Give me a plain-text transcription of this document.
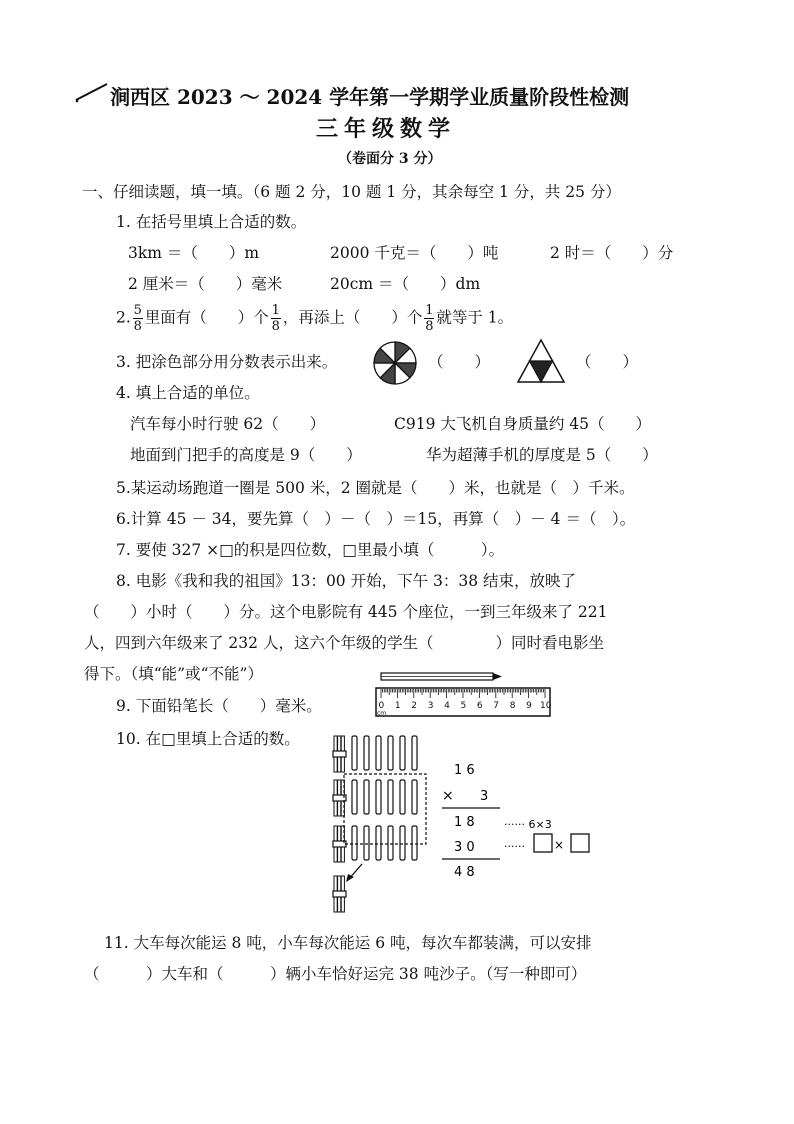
涧西区 2023 ～ 2024 学年第一学期学业质量阶段性检测
三年级数学
（卷面分 3 分）
一、仔细读题，填一填。（6 题 2 分，10 题 1 分，其余每空 1 分，共 25 分）
1. 在括号里填上合适的数。
3km ＝（　　）m	2000 千克＝（　　）吨	2 时＝（　　）分
2 厘米＝（　　）毫米	20cm ＝（　　）dm
2. $\frac{5}{8}$ 里面有（　　）个 $\frac{1}{8}$ ，再添上（　　）个 $\frac{1}{8}$ 就等于 1。
3. 把涂色部分用分数表示出来。	（　　）	（　　）
4. 填上合适的单位。
汽车每小时行驶 62（　　）	C919 大飞机自身质量约 45（　　）
地面到门把手的高度是 9（　　）	华为超薄手机的厚度是 5（　　）
5.某运动场跑道一圈是 500 米，2 圈就是（　　）米，也就是（　）千米。
6.计算 45 － 34，要先算（　）－（　）＝15，再算（　）－ 4 ＝（　）。
7. 要使 327 ×□的积是四位数，□里最小填（　　　）。
8. 电影《我和我的祖国》13：00 开始，下午 3：38 结束，放映了
（　　）小时（　　）分。这个电影院有 445 个座位，一到三年级来了 221
人，四到六年级来了 232 人，这六个年级的学生（　　　　）同时看电影坐
得下。（填“能”或“不能”）
9. 下面铅笔长（　　）毫米。	0 1 2 3 4 5 6 7 8 9 10
cm
10. 在□里填上合适的数。
1 6
× 3
1 8
3 0
4 8
······ 6×3
······ ×
11. 大车每次能运 8 吨，小车每次能运 6 吨，每次车都装满，可以安排
（　　　）大车和（　　　）辆小车恰好运完 38 吨沙子。（写一种即可）
